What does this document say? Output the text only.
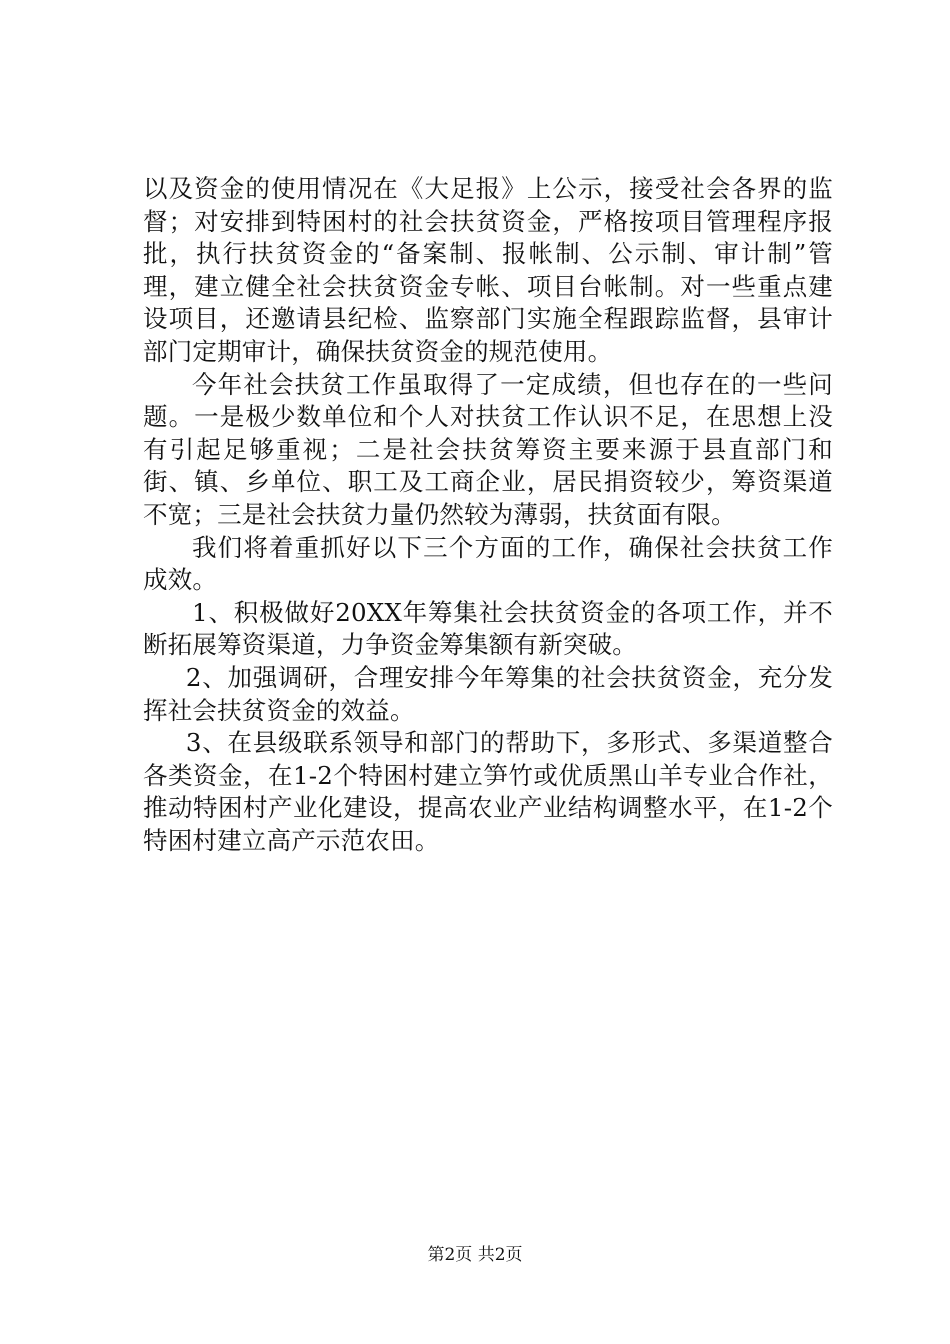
以及资金的使用情况在《大足报》上公示，接受社会各界的监督；对安排到特困村的社会扶贫资金，严格按项目管理程序报批，执行扶贫资金的“备案制、报帐制、公示制、审计制”管理，建立健全社会扶贫资金专帐、项目台帐制。对一些重点建设项目，还邀请县纪检、监察部门实施全程跟踪监督，县审计部门定期审计，确保扶贫资金的规范使用。

今年社会扶贫工作虽取得了一定成绩，但也存在的一些问题。一是极少数单位和个人对扶贫工作认识不足，在思想上没有引起足够重视；二是社会扶贫筹资主要来源于县直部门和街、镇、乡单位、职工及工商企业，居民捐资较少，筹资渠道不宽；三是社会扶贫力量仍然较为薄弱，扶贫面有限。

我们将着重抓好以下三个方面的工作，确保社会扶贫工作成效。

1、积极做好20XX年筹集社会扶贫资金的各项工作，并不断拓展筹资渠道，力争资金筹集额有新突破。

2、加强调研，合理安排今年筹集的社会扶贫资金，充分发挥社会扶贫资金的效益。

3、在县级联系领导和部门的帮助下，多形式、多渠道整合各类资金，在1-2个特困村建立笋竹或优质黑山羊专业合作社，推动特困村产业化建设，提高农业产业结构调整水平，在1-2个特困村建立高产示范农田。

第2页 共2页
